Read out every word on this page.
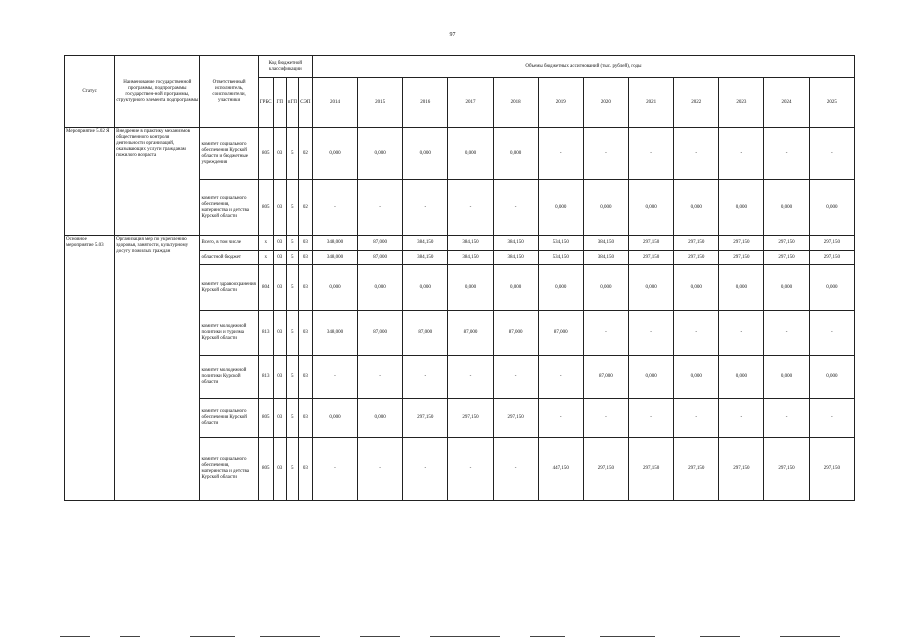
97
Статус	Наименование государственной программы, подпрограммы государствен-ной программы, структурного элемента подпрограммы	Ответственный исполнитель, соисполнители, участники	Код бюджетной классификации				Объемы бюджетных ассигнований (тыс. рублей), годы											
			ГРБС	ГП	пГП	СЭП	2014	2015	2016	2017	2018	2019	2020	2021	2022	2023	2024	2025
Мероприятие 5.02 Я	Внедрение в практику механизмов общественного контроля деятельности организаций, оказывающих услуги гражданам пожилого возраста	комитет социального обеспечения Курской области и бюджетные учреждения	805	03	5	02	0,000	0,000	0,000	0,000	0,000	-	-	-	-	-	-	-
		комитет социального обеспечения, материнства и детства Курской области	805	03	5	02	-	-	-	-	-	0,000	0,000	0,000	0,000	0,000	0,000	0,000
Основное мероприятие 5.03	Организация мер по укреплению здоровья, занятости, культурному досугу пожилых граждан	Всего, в том числе	х	03	5	03	348,000	87,000	384,150	384,150	384,150	534,150	384,150	297,150	297,150	297,150	297,150	297,150
		областной бюджет	х	03	5	03	348,000	87,000	384,150	384,150	384,150	534,150	384,150	297,150	297,150	297,150	297,150	297,150
		комитет здравоохранения Курской области	804	03	5	03	0,000	0,000	0,000	0,000	0,000	0,000	0,000	0,000	0,000	0,000	0,000	0,000
		комитет молодежной политики и туризма Курской области	813	03	5	03	348,000	87,000	87,000	87,000	87,000	87,000	-	-	-	-	-	-
		комитет молодежной политики Курской области	813	03	5	03	-	-	-	-	-	-	87,000	0,000	0,000	0,000	0,000	0,000
		комитет социального обеспечения Курской области	805	03	5	03	0,000	0,000	297,150	297,150	297,150	-	-	-	-	-	-	-
		комитет социального обеспечения, материнства и детства Курской области	805	03	5	03	-	-	-	-	-	447,150	297,150	297,150	297,150	297,150	297,150	297,150
